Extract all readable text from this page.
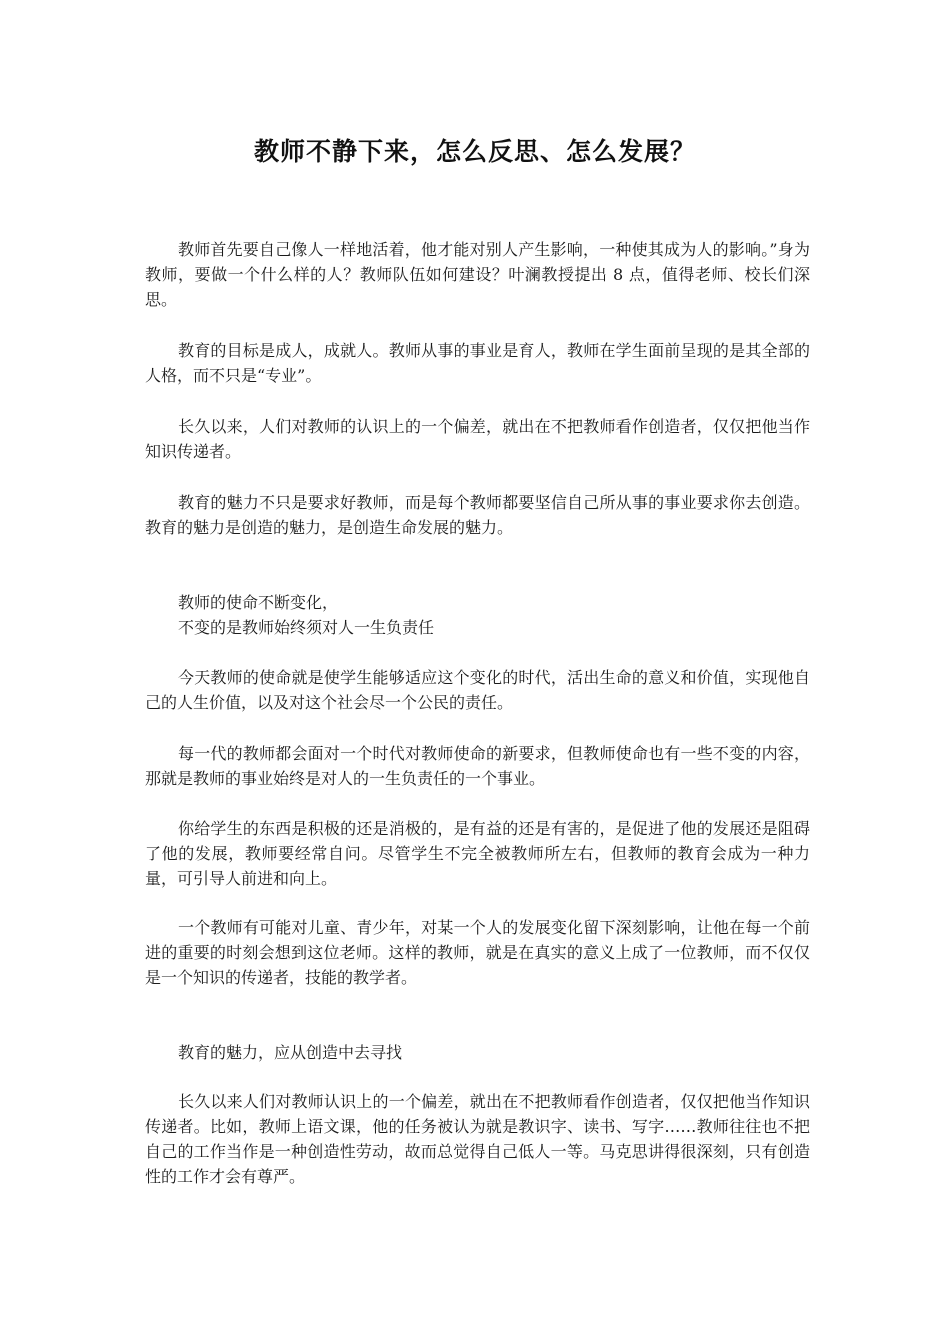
教师不静下来，怎么反思、怎么发展？

教师首先要自己像人一样地活着，他才能对别人产生影响，一种使其成为人的影响。”身为教师，要做一个什么样的人？教师队伍如何建设？叶澜教授提出 8 点，值得老师、校长们深思。

教育的目标是成人，成就人。教师从事的事业是育人，教师在学生面前呈现的是其全部的人格，而不只是“专业”。

长久以来，人们对教师的认识上的一个偏差，就出在不把教师看作创造者，仅仅把他当作知识传递者。

教育的魅力不只是要求好教师，而是每个教师都要坚信自己所从事的事业要求你去创造。教育的魅力是创造的魅力，是创造生命发展的魅力。

教师的使命不断变化，

不变的是教师始终须对人一生负责任

今天教师的使命就是使学生能够适应这个变化的时代，活出生命的意义和价值，实现他自己的人生价值，以及对这个社会尽一个公民的责任。

每一代的教师都会面对一个时代对教师使命的新要求，但教师使命也有一些不变的内容，那就是教师的事业始终是对人的一生负责任的一个事业。

你给学生的东西是积极的还是消极的，是有益的还是有害的，是促进了他的发展还是阻碍了他的发展，教师要经常自问。尽管学生不完全被教师所左右，但教师的教育会成为一种力量，可引导人前进和向上。

一个教师有可能对儿童、青少年，对某一个人的发展变化留下深刻影响，让他在每一个前进的重要的时刻会想到这位老师。这样的教师，就是在真实的意义上成了一位教师，而不仅仅是一个知识的传递者，技能的教学者。

教育的魅力，应从创造中去寻找

长久以来人们对教师认识上的一个偏差，就出在不把教师看作创造者，仅仅把他当作知识传递者。比如，教师上语文课，他的任务被认为就是教识字、读书、写字……教师往往也不把自己的工作当作是一种创造性劳动，故而总觉得自己低人一等。马克思讲得很深刻，只有创造性的工作才会有尊严。
